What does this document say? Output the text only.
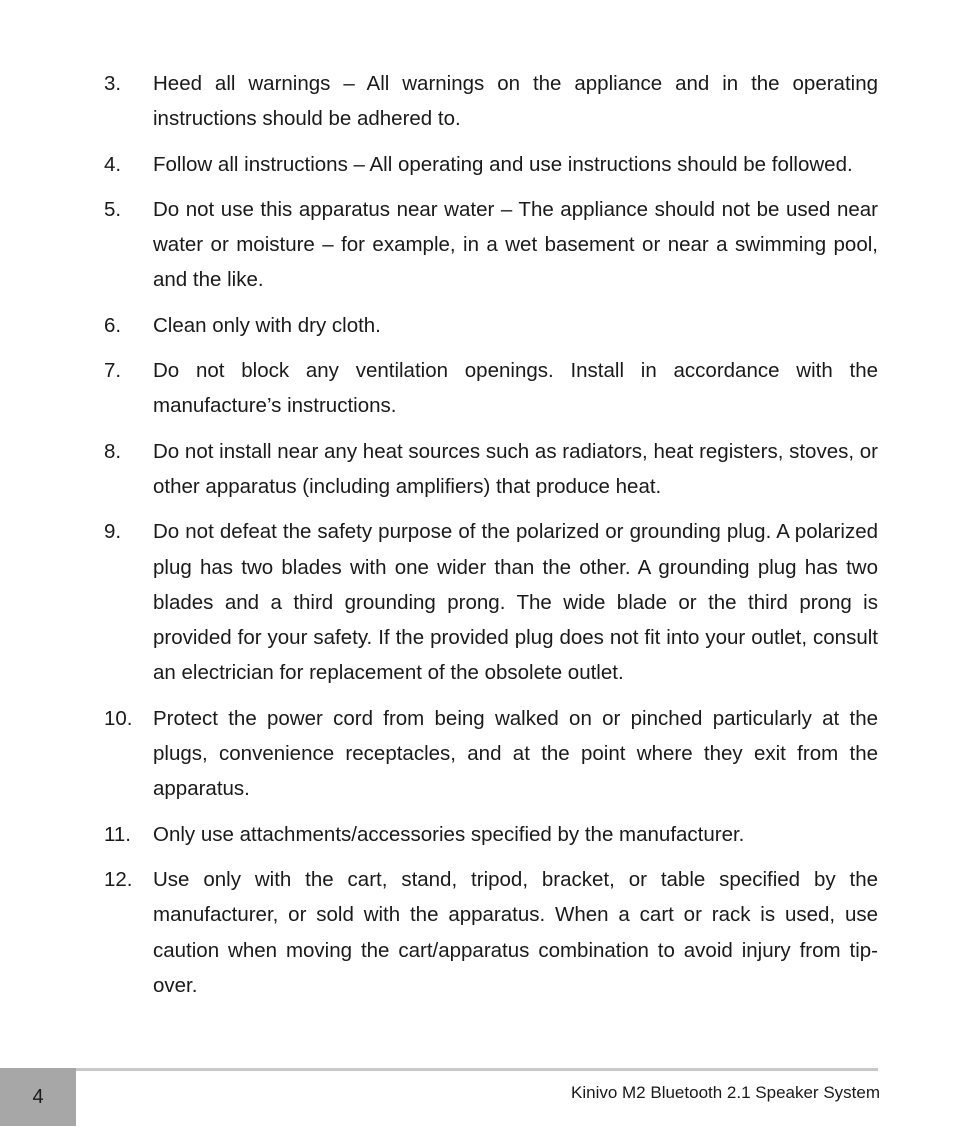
3. Heed all warnings – All warnings on the appliance and in the operating instructions should be adhered to.
4. Follow all instructions – All operating and use instructions should be followed.
5. Do not use this apparatus near water – The appliance should not be used near water or moisture – for example, in a wet basement or near a swimming pool, and the like.
6. Clean only with dry cloth.
7. Do not block any ventilation openings. Install in accordance with the manufacture’s instructions.
8. Do not install near any heat sources such as radiators, heat registers, stoves, or other apparatus (including amplifiers) that produce heat.
9. Do not defeat the safety purpose of the polarized or grounding plug. A polarized plug has two blades with one wider than the other. A grounding plug has two blades and a third grounding prong. The wide blade or the third prong is provided for your safety. If the provided plug does not fit into your outlet, consult an electrician for replacement of the obsolete outlet.
10. Protect the power cord from being walked on or pinched particularly at the plugs, convenience receptacles, and at the point where they exit from the apparatus.
11. Only use attachments/accessories specified by the manufacturer.
12. Use only with the cart, stand, tripod, bracket, or table specified by the manufacturer, or sold with the apparatus. When a cart or rack is used, use caution when moving the cart/apparatus combination to avoid injury from tip-over.
4	Kinivo M2 Bluetooth 2.1 Speaker System
